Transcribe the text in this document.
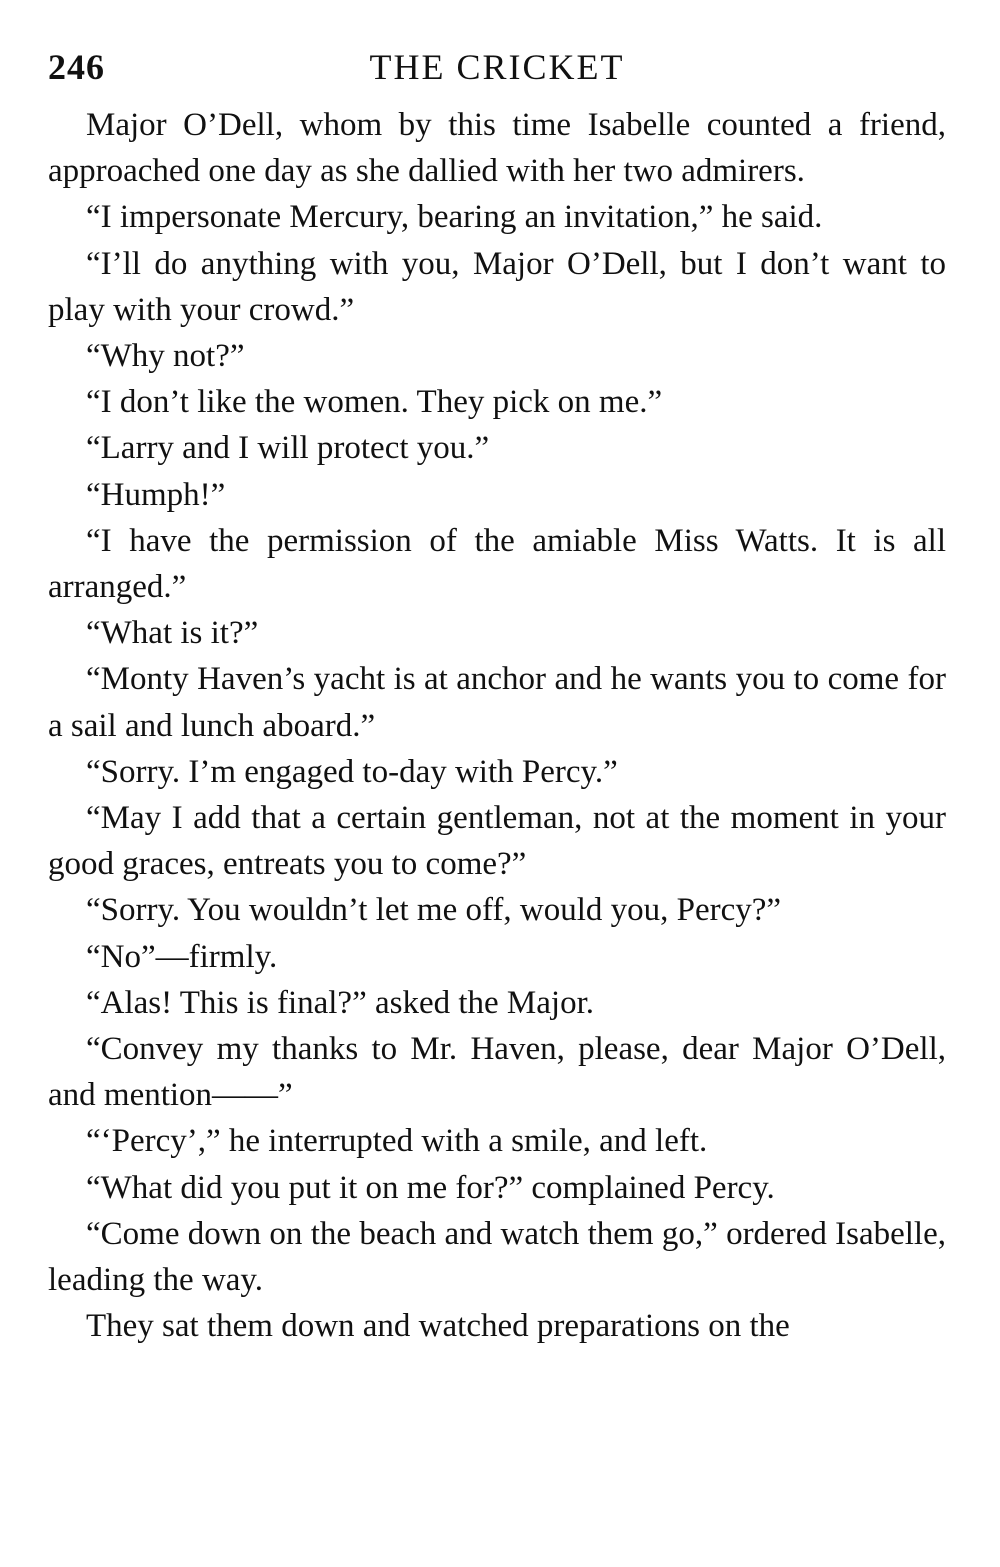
246	THE CRICKET

Major O’Dell, whom by this time Isabelle counted a friend, approached one day as she dallied with her two admirers.

“I impersonate Mercury, bearing an invitation,” he said.

“I’ll do anything with you, Major O’Dell, but I don’t want to play with your crowd.”

“Why not?”

“I don’t like the women. They pick on me.”

“Larry and I will protect you.”

“Humph!”

“I have the permission of the amiable Miss Watts. It is all arranged.”

“What is it?”

“Monty Haven’s yacht is at anchor and he wants you to come for a sail and lunch aboard.”

“Sorry. I’m engaged to-day with Percy.”

“May I add that a certain gentleman, not at the moment in your good graces, entreats you to come?”

“Sorry. You wouldn’t let me off, would you, Percy?”

“No”—firmly.

“Alas! This is final?” asked the Major.

“Convey my thanks to Mr. Haven, please, dear Major O’Dell, and mention——”

“‘Percy’,” he interrupted with a smile, and left.

“What did you put it on me for?” complained Percy.

“Come down on the beach and watch them go,” ordered Isabelle, leading the way.

They sat them down and watched preparations on the
